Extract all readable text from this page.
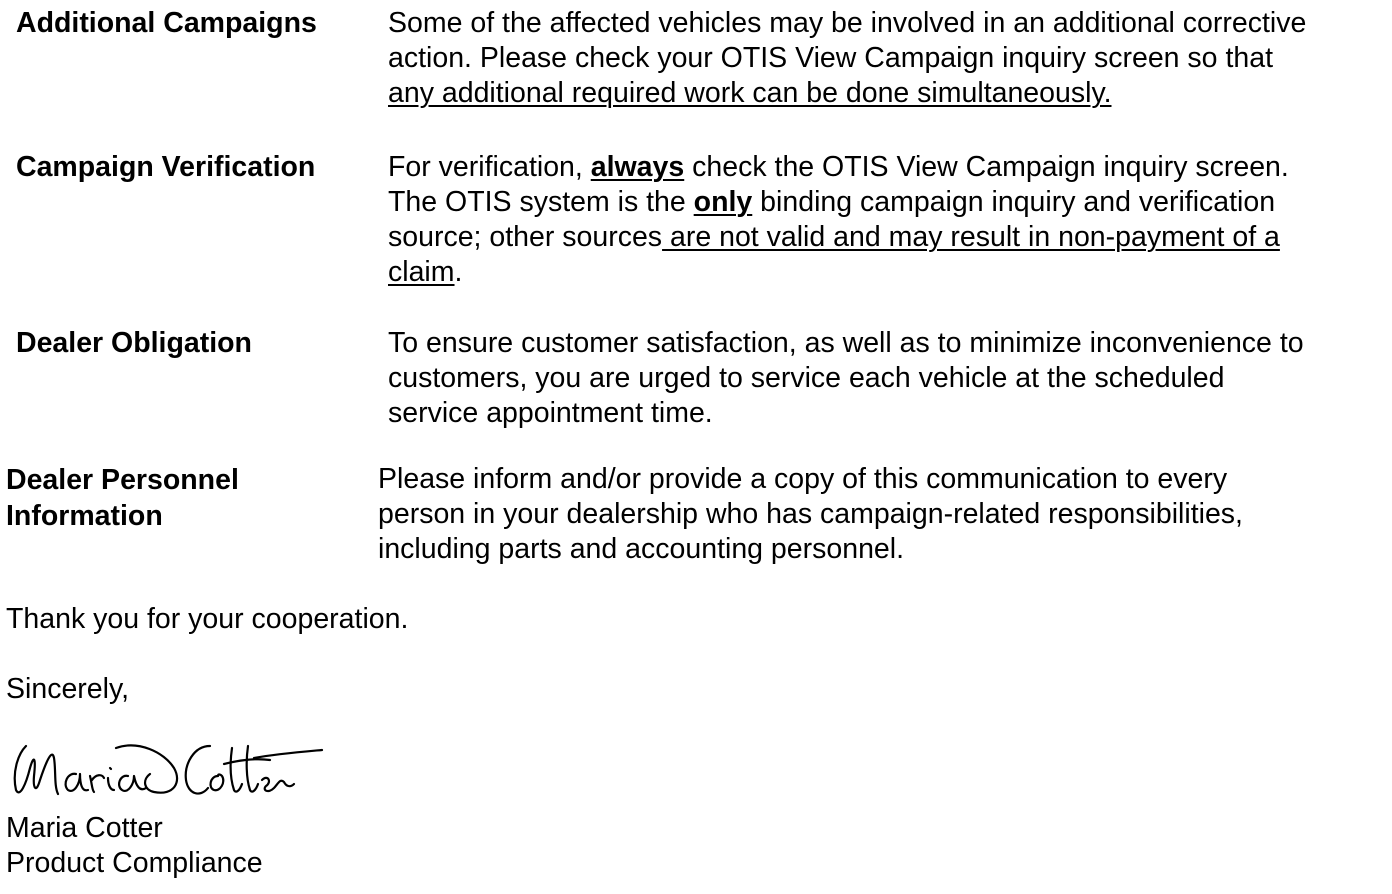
Additional Campaigns Some of the affected vehicles may be involved in an additional corrective

action. Please check your OTIS View Campaign inquiry screen so that

any additional required work can be done simultaneously.

Campaign Verification	For verification, always check the OTIS View Campaign inquiry screen.

The OTIS system is the only binding campaign inquiry and verification

source; other sources are not valid and may result in non-payment of a

claim.

Dealer Obligation	To ensure customer satisfaction, as well as to minimize inconvenience to

customers, you are urged to service each vehicle at the scheduled

service appointment time.

Dealer Personnel
Information

Please inform and/or provide a copy of this communication to every

person in your dealership who has campaign-related responsibilities,

including parts and accounting personnel.

Thank you for your cooperation.
Sincerely,
Maria Cotter
Product Compliance
